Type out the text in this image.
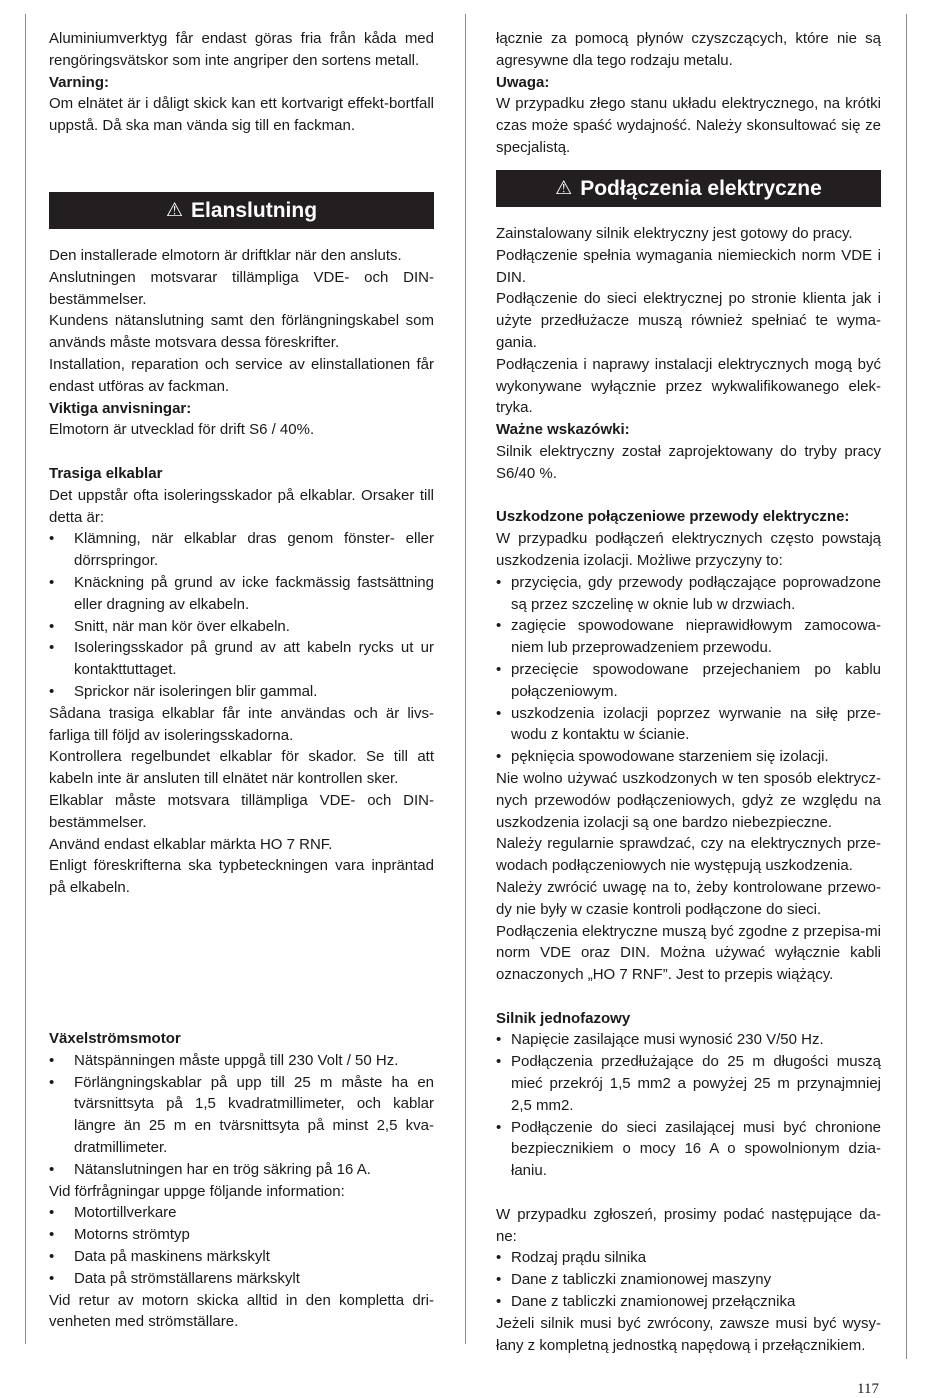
Aluminiumverktyg får endast göras fria från kåda med rengöringsvätskor som inte angriper den sortens metall.

Varning:

Om elnätet är i dåligt skick kan ett kortvarigt effekt-bortfall uppstå. Då ska man vända sig till en fackman.

⚠ Elanslutning

Den installerade elmotorn är driftklar när den ansluts.

Anslutningen motsvarar tillämpliga VDE- och DIN-bestämmelser.

Kundens nätanslutning samt den förlängningskabel som används måste motsvara dessa föreskrifter.

Installation, reparation och service av elinstallationen får endast utföras av fackman.

Viktiga anvisningar:

Elmotorn är utvecklad för drift S6 / 40%.

Trasiga elkablar

Det uppstår ofta isoleringsskador på elkablar. Orsaker till detta är:

• Klämning, när elkablar dras genom fönster- eller dörrspringor.
• Knäckning på grund av icke fackmässig fastsättning eller dragning av elkabeln.
• Snitt, när man kör över elkabeln.
• Isoleringsskador på grund av att kabeln rycks ut ur kontakttuttaget.
• Sprickor när isoleringen blir gammal.

Sådana trasiga elkablar får inte användas och är livs-farliga till följd av isoleringsskadorna.

Kontrollera regelbundet elkablar för skador. Se till att kabeln inte är ansluten till elnätet när kontrollen sker.

Elkablar måste motsvara tillämpliga VDE- och DIN-bestämmelser.

Använd endast elkablar märkta HO 7 RNF.

Enligt föreskrifterna ska typbeteckningen vara inpräntad på elkabeln.

Växelströmsmotor

• Nätspänningen måste uppgå till 230 Volt / 50 Hz.
• Förlängningskablar på upp till 25 m måste ha en tvärsnittsyta på 1,5 kvadratmillimeter, och kablar längre än 25 m en tvärsnittsyta på minst 2,5 kva-dratmillimeter.
• Nätanslutningen har en trög säkring på 16 A.

Vid förfrågningar uppge följande information:

• Motortillverkare
• Motorns strömtyp
• Data på maskinens märkskylt
• Data på strömställarens märkskylt

Vid retur av motorn skicka alltid in den kompletta dri-venheten med strömställare.

łącznie za pomocą płynów czyszczących, które nie są agresywne dla tego rodzaju metalu.

Uwaga:

W przypadku złego stanu układu elektrycznego, na krótki czas może spaść wydajność. Należy skonsultować się ze specjalistą.

⚠ Podłączenia elektryczne

Zainstalowany silnik elektryczny jest gotowy do pracy.

Podłączenie spełnia wymagania niemieckich norm VDE i DIN.

Podłączenie do sieci elektrycznej po stronie klienta jak i użyte przedłużacze muszą również spełniać te wyma-gania.

Podłączenia i naprawy instalacji elektrycznych mogą być wykonywane wyłącznie przez wykwalifikowanego elek-tryka.

Ważne wskazówki:

Silnik elektryczny został zaprojektowany do tryby pracy S6/40 %.

Uszkodzone połączeniowe przewody elektryczne:

W przypadku podłączeń elektrycznych często powstają uszkodzenia izolacji. Możliwe przyczyny to:

• przycięcia, gdy przewody podłączające poprowadzone są przez szczelinę w oknie lub w drzwiach.
• zagięcie spowodowane nieprawidłowym zamocowa-niem lub przeprowadzeniem przewodu.
• przecięcie spowodowane przejechaniem po kablu połączeniowym.
• uszkodzenia izolacji poprzez wyrwanie na siłę prze-wodu z kontaktu w ścianie.
• pęknięcia spowodowane starzeniem się izolacji.

Nie wolno używać uszkodzonych w ten sposób elektrycz-nych przewodów podłączeniowych, gdyż ze względu na uszkodzenia izolacji są one bardzo niebezpieczne.

Należy regularnie sprawdzać, czy na elektrycznych prze-wodach podłączeniowych nie występują uszkodzenia.

Należy zwrócić uwagę na to, żeby kontrolowane przewo-dy nie były w czasie kontroli podłączone do sieci.

Podłączenia elektryczne muszą być zgodne z przepisa-mi norm VDE oraz DIN. Można używać wyłącznie kabli oznaczonych „HO 7 RNF”. Jest to przepis wiążący.

Silnik jednofazowy

• Napięcie zasilające musi wynosić 230 V/50 Hz.
• Podłączenia przedłużające do 25 m długości muszą mieć przekrój 1,5 mm2 a powyżej 25 m przynajmniej 2,5 mm2.
• Podłączenie do sieci zasilającej musi być chronione bezpiecznikiem o mocy 16 A o spowolnionym dzia-łaniu.

W przypadku zgłoszeń, prosimy podać następujące da-ne:

• Rodzaj prądu silnika
• Dane z tabliczki znamionowej maszyny
• Dane z tabliczki znamionowej przełącznika

Jeżeli silnik musi być zwrócony, zawsze musi być wysy-łany z kompletną jednostką napędową i przełącznikiem.

117
